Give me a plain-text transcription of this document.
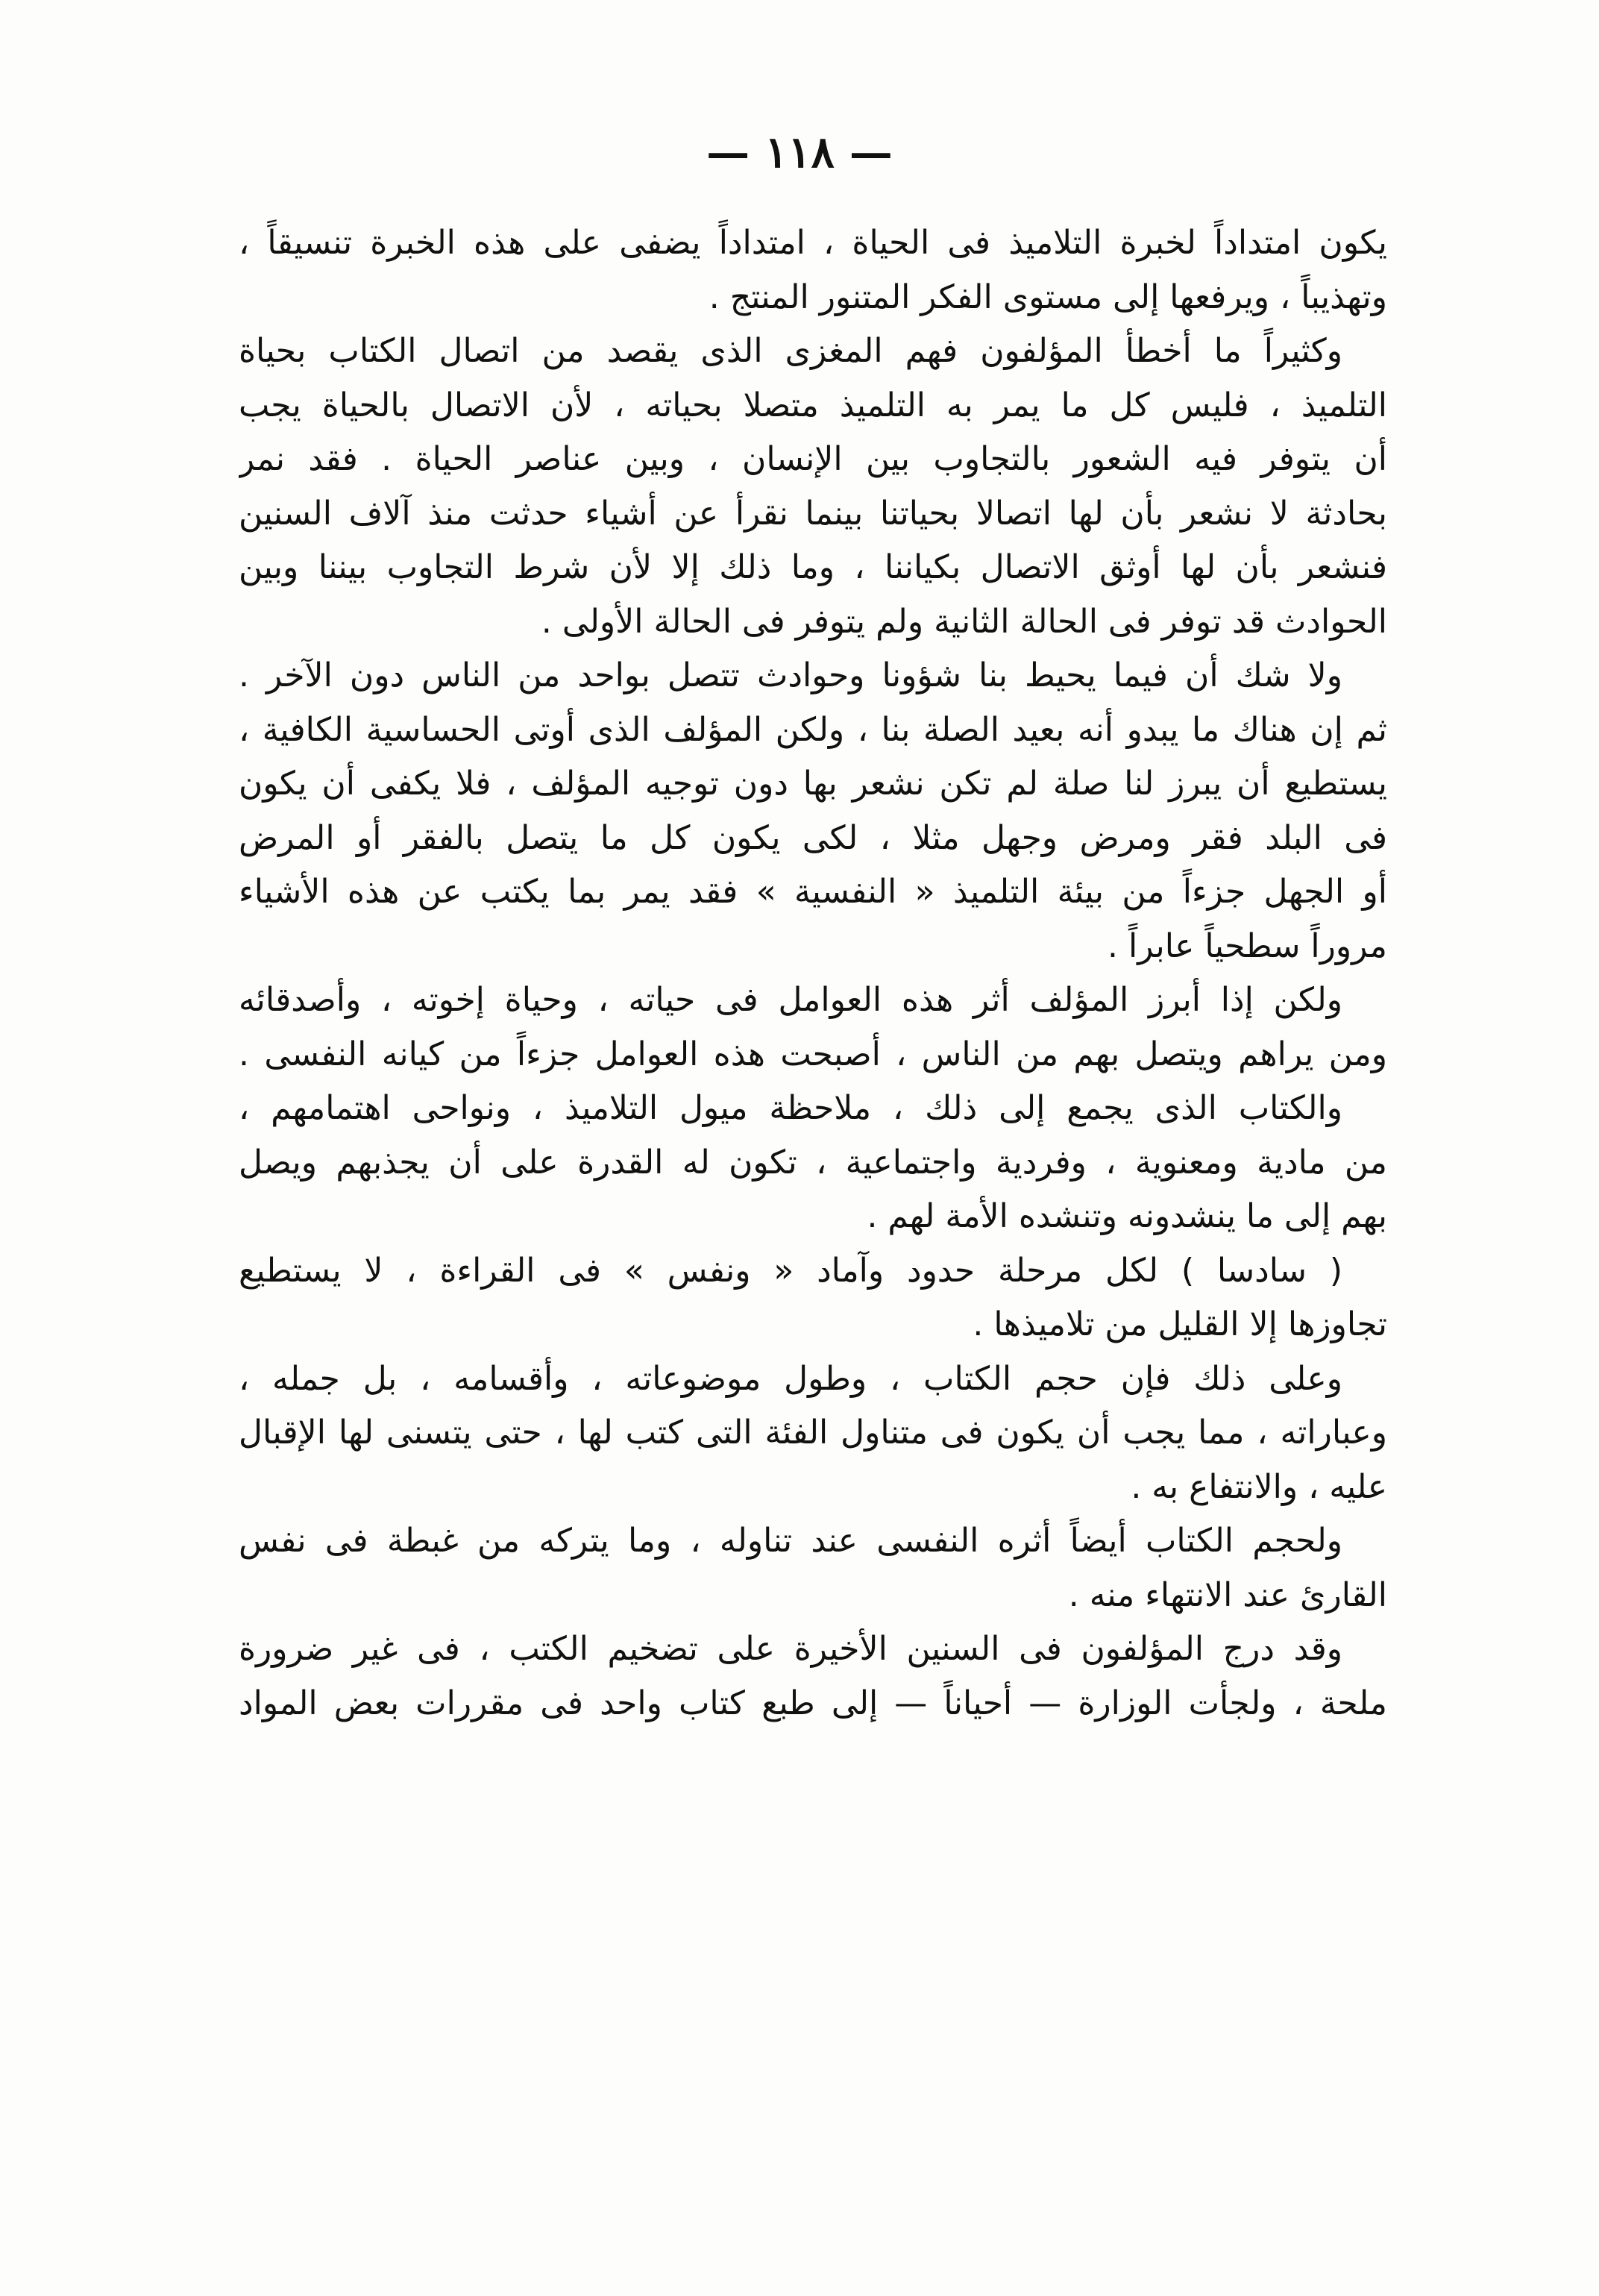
— ١١٨ —
يكون امتداداً لخبرة التلاميذ فى الحياة ، امتداداً يضفى على هذه الخبرة تنسيقاً ،
وتهذيباً ، ويرفعها إلى مستوى الفكر المتنور المنتج .
وكثيراً ما أخطأ المؤلفون فهم المغزى الذى يقصد من اتصال الكتاب بحياة
التلميذ ، فليس كل ما يمر به التلميذ متصلا بحياته ، لأن الاتصال بالحياة يجب
أن يتوفر فيه الشعور بالتجاوب بين الإنسان ، وبين عناصر الحياة . فقد نمر
بحادثة لا نشعر بأن لها اتصالا بحياتنا بينما نقرأ عن أشياء حدثت منذ آلاف السنين
فنشعر بأن لها أوثق الاتصال بكياننا ، وما ذلك إلا لأن شرط التجاوب بيننا وبين
الحوادث قد توفر فى الحالة الثانية ولم يتوفر فى الحالة الأولى .
ولا شك أن فيما يحيط بنا شؤونا وحوادث تتصل بواحد من الناس دون الآخر .
ثم إن هناك ما يبدو أنه بعيد الصلة بنا ، ولكن المؤلف الذى أوتى الحساسية الكافية ،
يستطيع أن يبرز لنا صلة لم تكن نشعر بها دون توجيه المؤلف ، فلا يكفى أن يكون
فى البلد فقر ومرض وجهل مثلا ، لكى يكون كل ما يتصل بالفقر أو المرض
أو الجهل جزءاً من بيئة التلميذ « النفسية » فقد يمر بما يكتب عن هذه الأشياء
مروراً سطحياً عابراً .
ولكن إذا أبرز المؤلف أثر هذه العوامل فى حياته ، وحياة إخوته ، وأصدقائه
ومن يراهم ويتصل بهم من الناس ، أصبحت هذه العوامل جزءاً من كيانه النفسى .
والكتاب الذى يجمع إلى ذلك ، ملاحظة ميول التلاميذ ، ونواحى اهتمامهم ،
من مادية ومعنوية ، وفردية واجتماعية ، تكون له القدرة على أن يجذبهم ويصل
بهم إلى ما ينشدونه وتنشده الأمة لهم .
( سادسا ) لكل مرحلة حدود وآماد « ونفس » فى القراءة ، لا يستطيع
تجاوزها إلا القليل من تلاميذها .
وعلى ذلك فإن حجم الكتاب ، وطول موضوعاته ، وأقسامه ، بل جمله ،
وعباراته ، مما يجب أن يكون فى متناول الفئة التى كتب لها ، حتى يتسنى لها الإقبال
عليه ، والانتفاع به .
ولحجم الكتاب أيضاً أثره النفسى عند تناوله ، وما يتركه من غبطة فى نفس
القارئ عند الانتهاء منه .
وقد درج المؤلفون فى السنين الأخيرة على تضخيم الكتب ، فى غير ضرورة
ملحة ، ولجأت الوزارة — أحياناً — إلى طبع كتاب واحد فى مقررات بعض المواد
